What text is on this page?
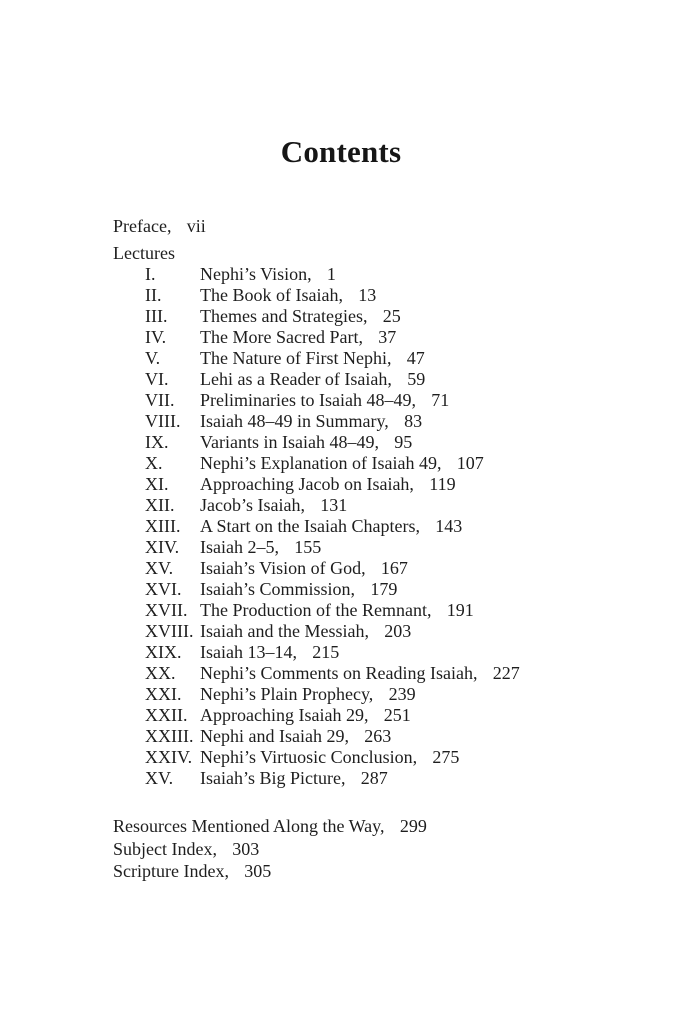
Contents
Preface, vii
Lectures
I.	Nephi’s Vision, 1
II.	The Book of Isaiah, 13
III.	Themes and Strategies, 25
IV.	The More Sacred Part, 37
V.	The Nature of First Nephi, 47
VI.	Lehi as a Reader of Isaiah, 59
VII.	Preliminaries to Isaiah 48–49, 71
VIII.	Isaiah 48–49 in Summary, 83
IX.	Variants in Isaiah 48–49, 95
X.	Nephi’s Explanation of Isaiah 49, 107
XI.	Approaching Jacob on Isaiah, 119
XII.	Jacob’s Isaiah, 131
XIII.	A Start on the Isaiah Chapters, 143
XIV.	Isaiah 2–5, 155
XV.	Isaiah’s Vision of God, 167
XVI.	Isaiah’s Commission, 179
XVII. The Production of the Remnant, 191
XVIII. Isaiah and the Messiah, 203
XIX.	Isaiah 13–14, 215
XX.	Nephi’s Comments on Reading Isaiah, 227
XXI.	Nephi’s Plain Prophecy, 239
XXII. Approaching Isaiah 29, 251
XXIII. Nephi and Isaiah 29, 263
XXIV. Nephi’s Virtuosic Conclusion, 275
XV.	Isaiah’s Big Picture, 287
Resources Mentioned Along the Way, 299
Subject Index, 303
Scripture Index, 305
